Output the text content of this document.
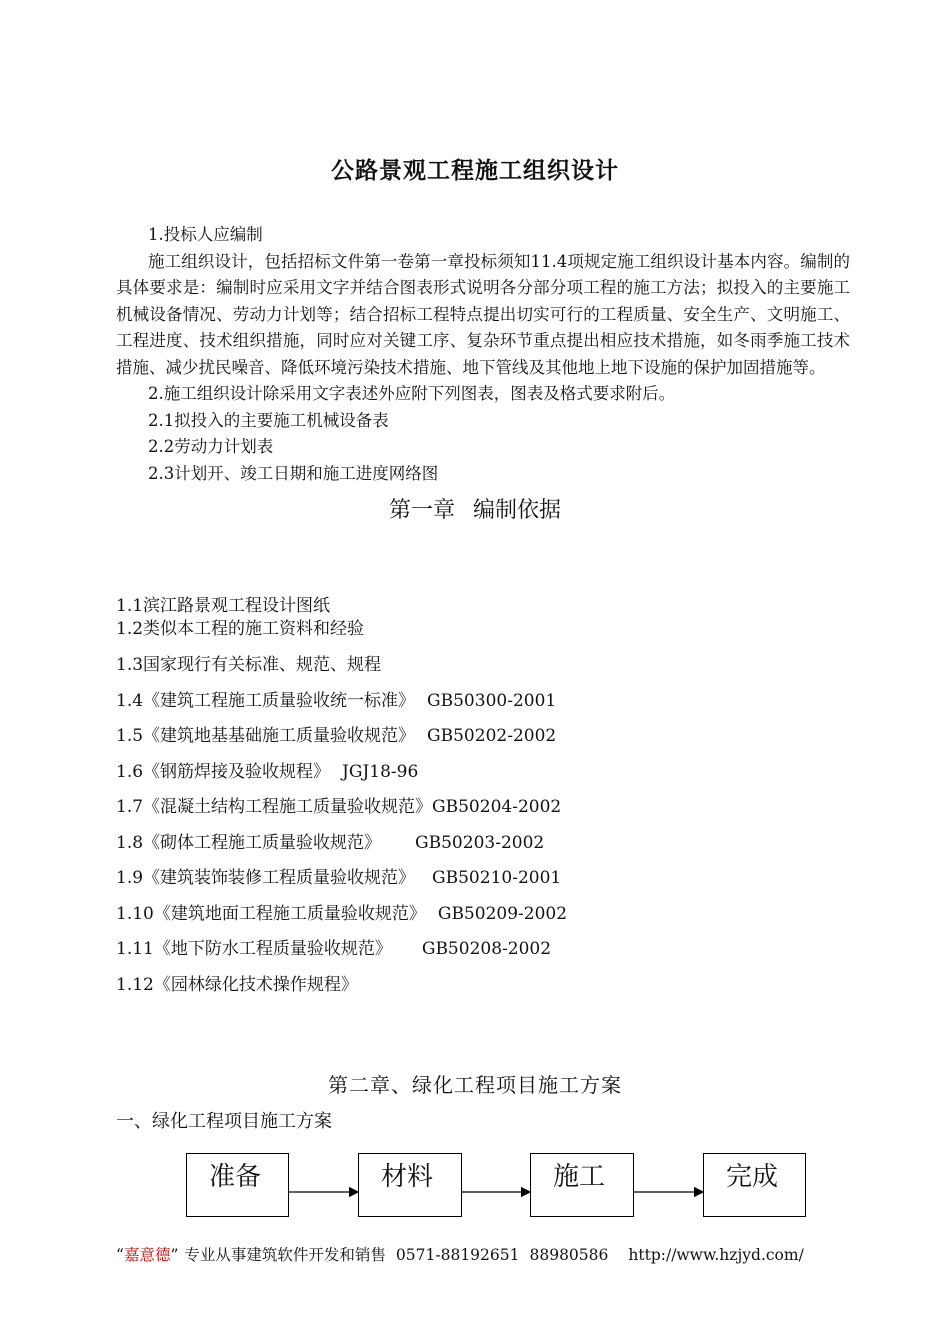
公路景观工程施工组织设计

1.投标人应编制

施工组织设计，包括招标文件第一卷第一章投标须知11.4项规定施工组织设计基本内容。编制的具体要求是：编制时应采用文字并结合图表形式说明各分部分项工程的施工方法；拟投入的主要施工机械设备情况、劳动力计划等；结合招标工程特点提出切实可行的工程质量、安全生产、文明施工、工程进度、技术组织措施，同时应对关键工序、复杂环节重点提出相应技术措施，如冬雨季施工技术措施、减少扰民噪音、降低环境污染技术措施、地下管线及其他地上地下设施的保护加固措施等。

2.施工组织设计除采用文字表述外应附下列图表，图表及格式要求附后。

2.1拟投入的主要施工机械设备表

2.2劳动力计划表

2.3计划开、竣工日期和施工进度网络图

第一章 编制依据
1.1滨江路景观工程设计图纸
1.2类似本工程的施工资料和经验
1.3国家现行有关标准、规范、规程
1.4《建筑工程施工质量验收统一标准》 GB50300-2001
1.5《建筑地基基础施工质量验收规范》 GB50202-2002
1.6《钢筋焊接及验收规程》 JGJ18-96
1.7《混凝土结构工程施工质量验收规范》GB50204-2002
1.8《砌体工程施工质量验收规范》 GB50203-2002
1.9《建筑装饰装修工程质量验收规范》 GB50210-2001
1.10《建筑地面工程施工质量验收规范》 GB50209-2002
1.11《地下防水工程质量验收规范》 GB50208-2002
1.12《园林绿化技术操作规程》
第二章、绿化工程项目施工方案
一、绿化工程项目施工方案
准备	材料	施工	完成
“嘉意德” 专业从事建筑软件开发和销售 0571-88192651 88980586 http://www.hzjyd.com/
